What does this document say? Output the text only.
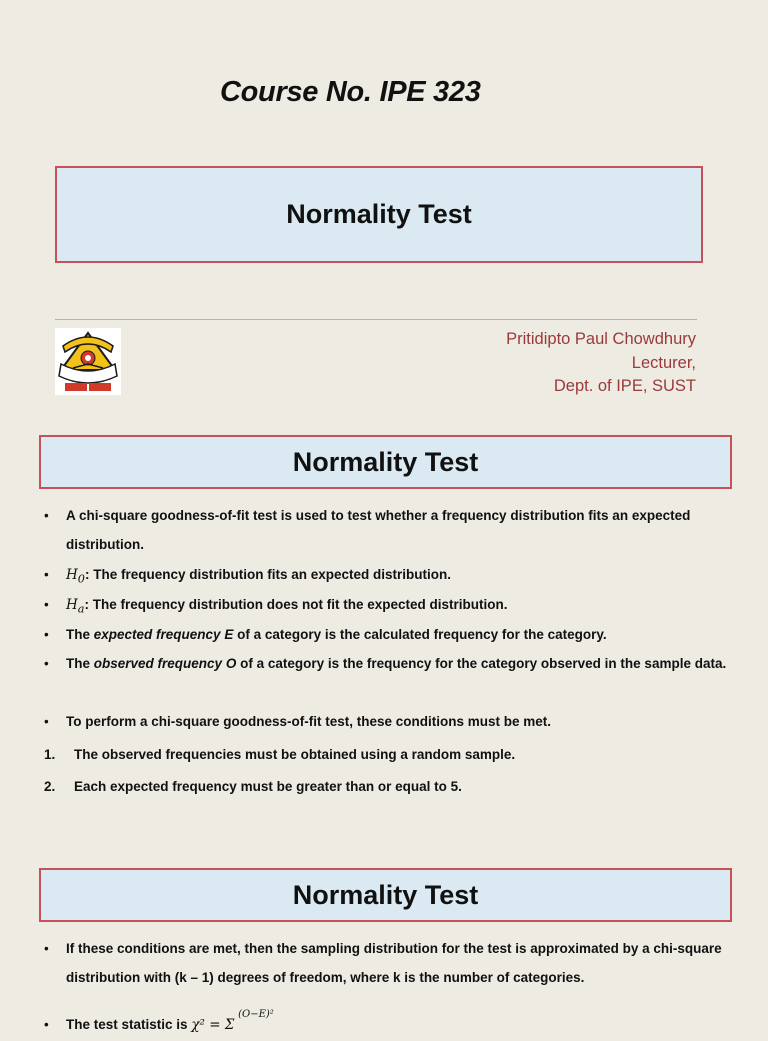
Course No. IPE 323
Normality Test
Pritidipto Paul Chowdhury
Lecturer,
Dept. of IPE, SUST
Normality Test
•	A chi-square goodness-of-fit test is used to test whether a frequency distribution fits an expected distribution.
•	$H_0$: The frequency distribution fits an expected distribution.
•	$H_a$: The frequency distribution does not fit the expected distribution.
•	The expected frequency E of a category is the calculated frequency for the category.
•	The observed frequency O of a category is the frequency for the category observed in the sample data.
•	To perform a chi-square goodness-of-fit test, these conditions must be met.
1. The observed frequencies must be obtained using a random sample.
2. Each expected frequency must be greater than or equal to 5.
Normality Test
•	If these conditions are met, then the sampling distribution for the test is approximated by a chi-square distribution with (k – 1) degrees of freedom, where k is the number of categories.
•	The test statistic is χ² = Σ (O−E)²
